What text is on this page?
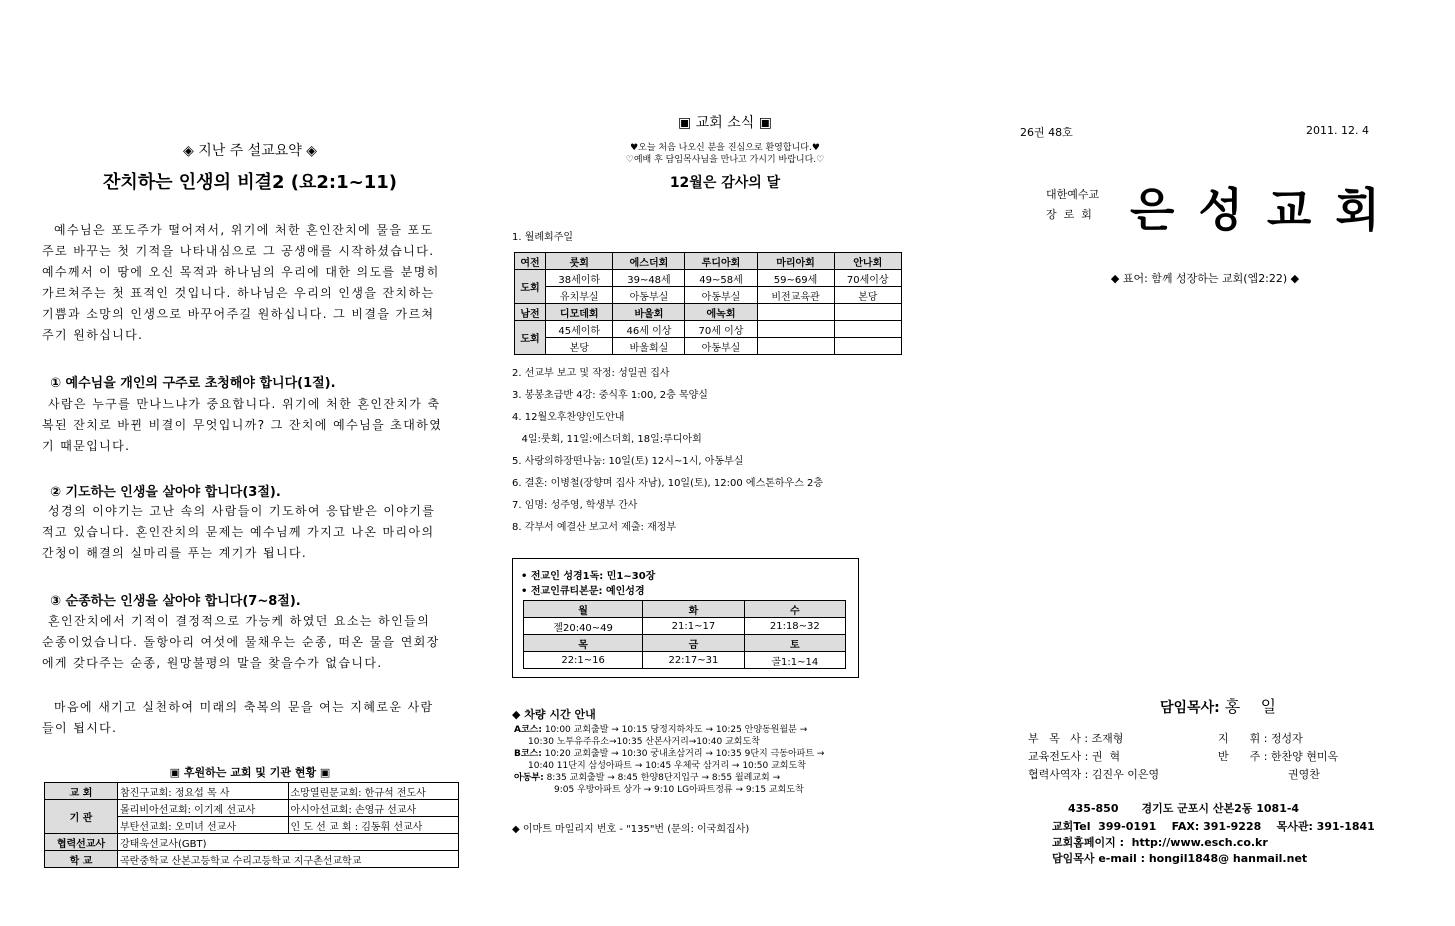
◈ 지난 주 설교요약 ◈
잔치하는 인생의 비결2 (요2:1~11)
예수님은 포도주가 떨어져서, 위기에 처한 혼인잔치에 물을 포도주로 바꾸는 첫 기적을 나타내심으로 그 공생애를 시작하셨습니다. 예수께서 이 땅에 오신 목적과 하나님의 우리에 대한 의도를 분명히 가르쳐주는 첫 표적인 것입니다. 하나님은 우리의 인생을 잔치하는 기쁨과 소망의 인생으로 바꾸어주길 원하십니다. 그 비결을 가르쳐주기 원하십니다.
① 예수님을 개인의 구주로 초청해야 합니다(1절).
사람은 누구를 만나느냐가 중요합니다. 위기에 처한 혼인잔치가 축복된 잔치로 바뀐 비결이 무엇입니까? 그 잔치에 예수님을 초대하였기 때문입니다.
② 기도하는 인생을 살아야 합니다(3절).
성경의 이야기는 고난 속의 사람들이 기도하여 응답받은 이야기를 적고 있습니다. 혼인잔치의 문제는 예수님께 가지고 나온 마리아의 간청이 해결의 실마리를 푸는 계기가 됩니다.
③ 순종하는 인생을 살아야 합니다(7~8절).
혼인잔치에서 기적이 결정적으로 가능케 하였던 요소는 하인들의 순종이었습니다. 돌항아리 여섯에 물채우는 순종, 떠온 물을 연회장에게 갖다주는 순종, 원망불평의 말을 찾을수가 없습니다.
마음에 새기고 실천하여 미래의 축복의 문을 여는 지혜로운 사람들이 됩시다.
▣ 후원하는 교회 및 기관 현황 ▣
교 회	참진구교회: 정요섭 목 사	소망열린문교회: 한규석 전도사
기 관	몰리비아선교회: 이기제 선교사	아시아선교회: 손영규 선교사
	부탄선교회: 오미녀 선교사	인 도 선 교 회 : 김동휘 선교사
협력선교사	강태욱선교사(GBT)	
학 교	곡란중학교 산본고등학교 수리고등학교 지구촌선교학교	
▣ 교회 소식 ▣
♥오늘 처음 나오신 분을 진심으로 환영합니다.♥
♡예배 후 담임목사님을 만나고 가시기 바랍니다.♡
12월은 감사의 달
1. 월례회주일
여전	룻회	에스더회	루디아회	마리아회	안나회
도회	38세이하	39~48세	49~58세	59~69세	70세이상
	유치부실	아동부실	아동부실	비전교육관	본당
남전	디모데회	바울회	에녹회		
도회	45세이하	46세 이상	70세 이상		
	본당	바울회실	아동부실		
2. 선교부 보고 및 작정: 성일권 집사
3. 봉봉초급반 4강: 중식후 1:00, 2층 목양실
4. 12월오후찬양인도안내
4일:룻회, 11일:에스더회, 18일:루디아회
5. 사랑의하장떤나눔: 10일(토) 12시~1시, 아동부실
6. 결혼: 이병철(장향며 집사 자남), 10일(토), 12:00 에스톤하우스 2층
7. 임명: 성주영, 학생부 간사
8. 각부서 예결산 보고서 제출: 재정부
• 전교인 성경1독: 민1~30장
• 전교인큐티본문: 예인성경
월	화	수
젤20:40~49	21:1~17	21:18~32
목	금	토
22:1~16	22:17~31	골1:1~14
◆ 차량 시간 안내
A코스: 10:00 교회출발 → 10:15 당정지하차도 → 10:25 안양동원월분 →
10:30 노투유주유소→10:35 산본사거리→10:40 교회도착
B코스: 10:20 교회출발 → 10:30 궁내초삼거리 → 10:35 9단지 극동아파트 →
10:40 11단지 삼성아파트 → 10:45 우체국 삼거리 → 10:50 교회도착
아동부: 8:35 교회출발 → 8:45 한양8단지입구 → 8:55 월례교회 →
9:05 우방아파트 상가 → 9:10 LG아파트정류 → 9:15 교회도착
◆ 이마트 마일리지 번호 - "135"번 (문의: 이국희집사)
26권 48호	2011. 12. 4
대한예수교
장  로  회 은 성 교 회
◆ 표어: 함께 성장하는 교회(엡2:22) ◆
담임목사: 홍    일
부   목   사 : 조재형	지      휘 : 정성자
교육전도사 : 권  혁	반      주 : 한찬양 현미옥
협력사역자 : 김진우 이은영	권영찬
435-850      경기도 군포시 산본2동 1081-4
교회Tel  399-0191    FAX: 391-9228    목사관: 391-1841
교회홈페이지 :  http://www.esch.co.kr
담임목사 e-mail : hongil1848@ hanmail.net
